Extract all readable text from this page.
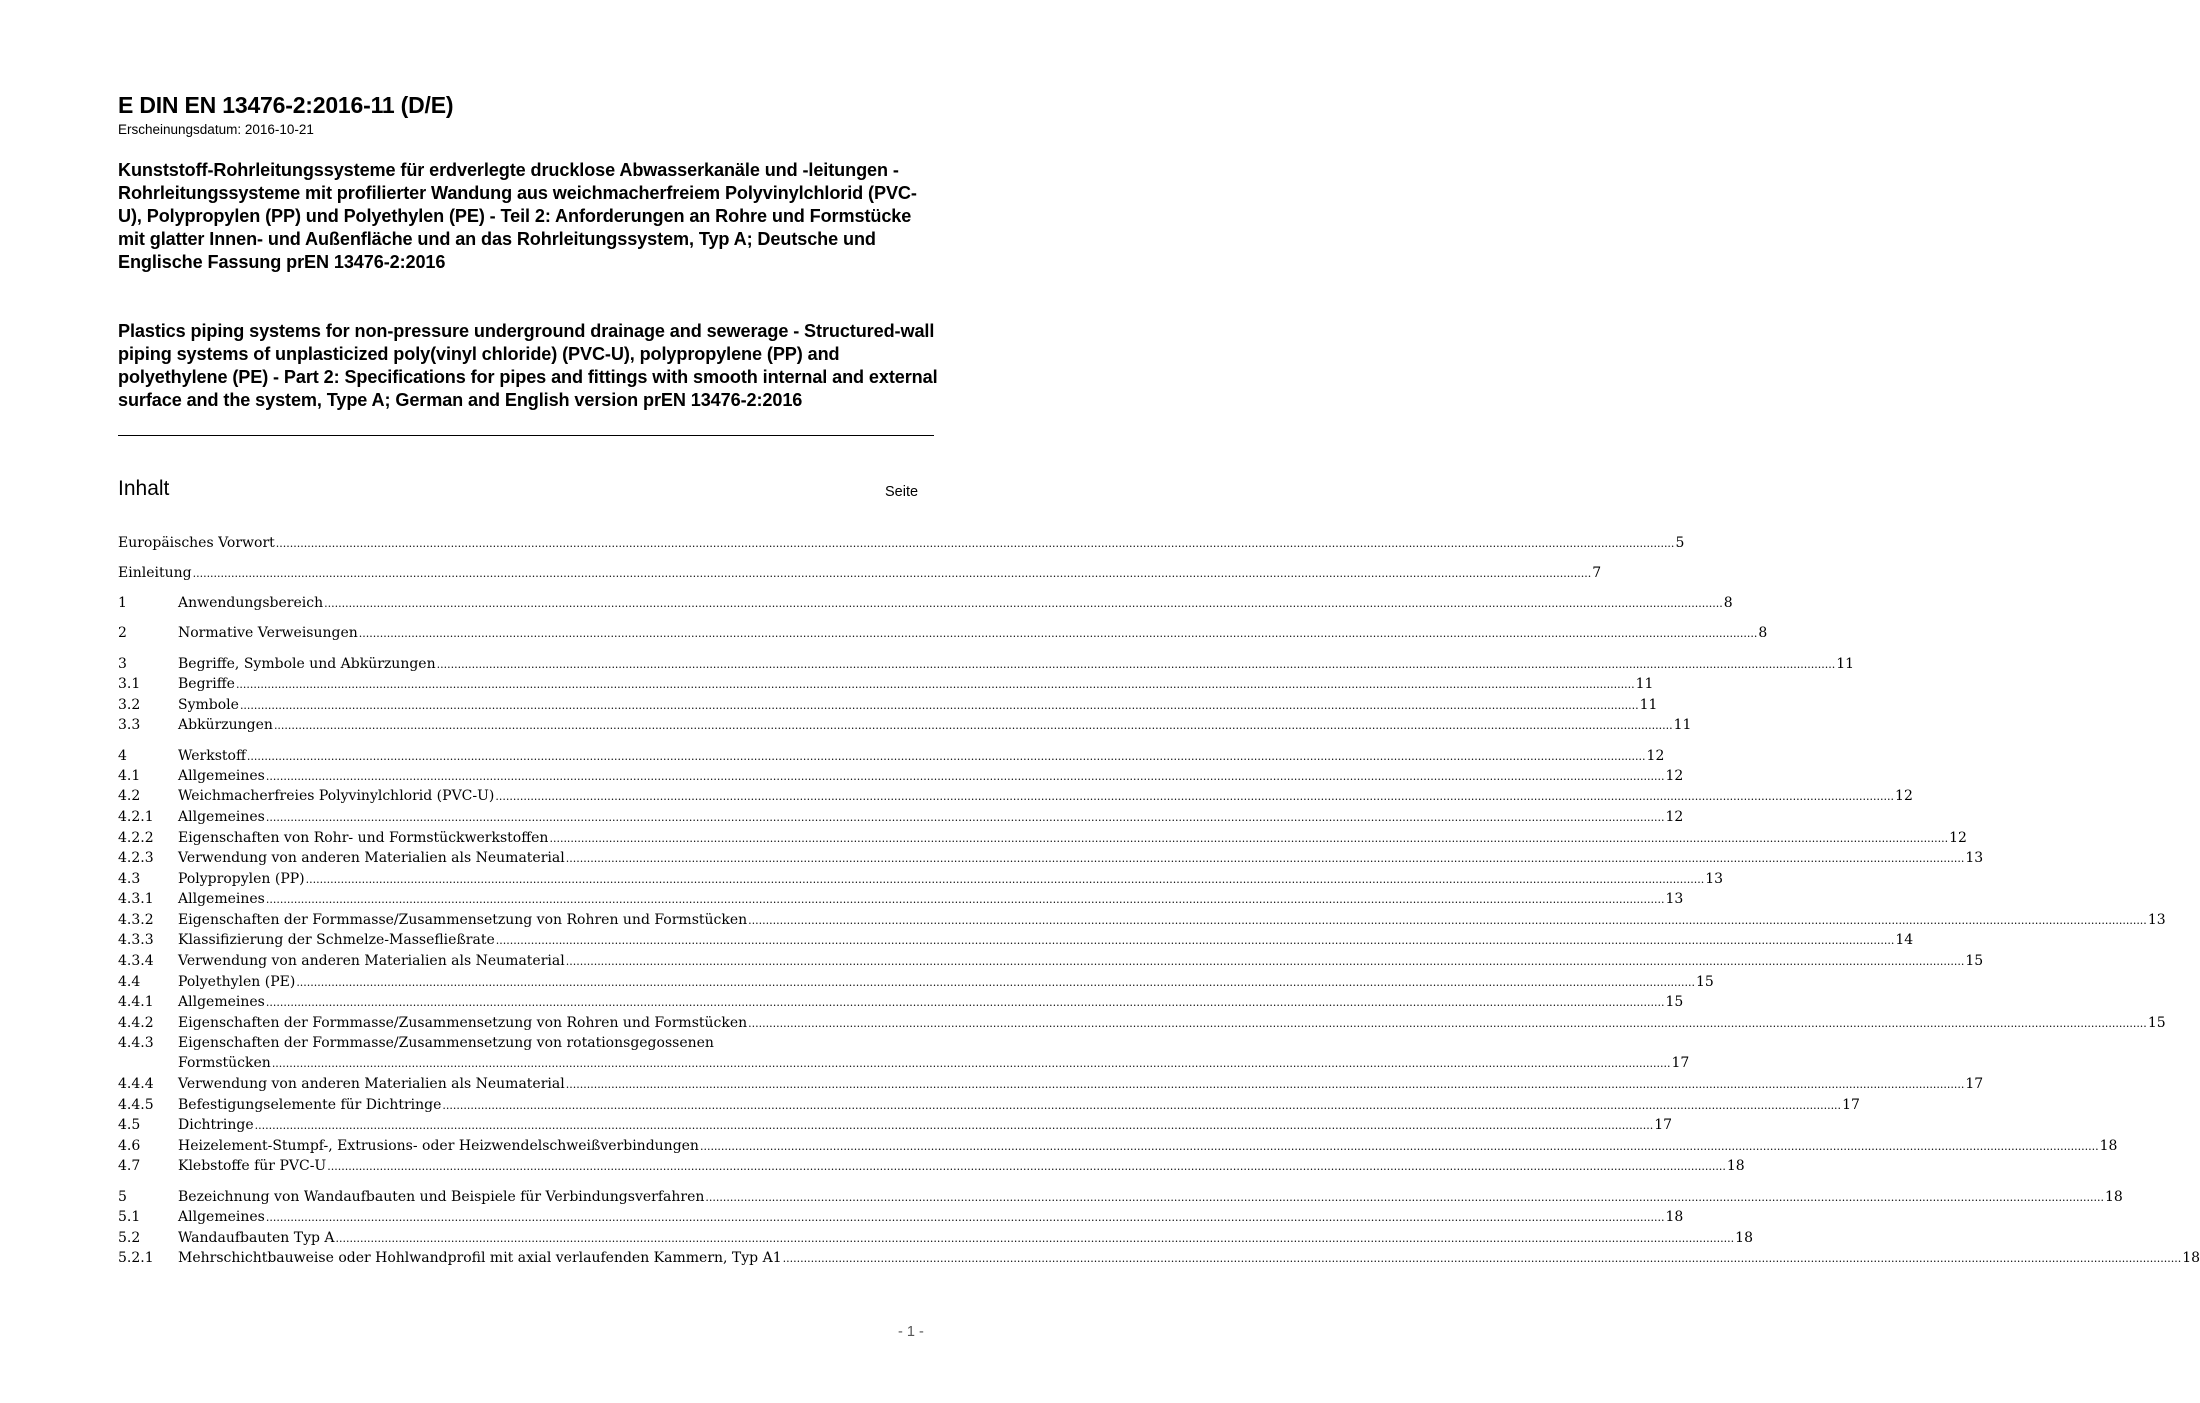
E DIN EN 13476-2:2016-11 (D/E)
Erscheinungsdatum: 2016-10-21

Kunststoff-Rohrleitungssysteme für erdverlegte drucklose Abwasserkanäle und -leitungen - Rohrleitungssysteme mit profilierter Wandung aus weichmacherfreiem Polyvinylchlorid (PVC-U), Polypropylen (PP) und Polyethylen (PE) - Teil 2: Anforderungen an Rohre und Formstücke mit glatter Innen- und Außenfläche und an das Rohrleitungssystem, Typ A; Deutsche und Englische Fassung prEN 13476-2:2016

Plastics piping systems for non-pressure underground drainage and sewerage - Structured-wall piping systems of unplasticized poly(vinyl chloride) (PVC-U), polypropylene (PP) and polyethylene (PE) - Part 2: Specifications for pipes and fittings with smooth internal and external surface and the system, Type A; German and English version prEN 13476-2:2016

Inhalt	Seite
Europäisches Vorwort ................................................................................................................................................................................................................................................................................................................................................................................................................ 5
Einleitung ................................................................................................................................................................................................................................................................................................................................................................................................................ 7
1	Anwendungsbereich ................................................................................................................................................................................................................................................................................................................................................................................................................ 8
2	Normative Verweisungen ................................................................................................................................................................................................................................................................................................................................................................................................................ 8
3	Begriffe, Symbole und Abkürzungen ................................................................................................................................................................................................................................................................................................................................................................................................................ 11
3.1	Begriffe ................................................................................................................................................................................................................................................................................................................................................................................................................ 11
3.2	Symbole ................................................................................................................................................................................................................................................................................................................................................................................................................ 11
3.3	Abkürzungen ................................................................................................................................................................................................................................................................................................................................................................................................................ 11
4	Werkstoff ................................................................................................................................................................................................................................................................................................................................................................................................................ 12
4.1	Allgemeines ................................................................................................................................................................................................................................................................................................................................................................................................................ 12
4.2	Weichmacherfreies Polyvinylchlorid (PVC-U) ................................................................................................................................................................................................................................................................................................................................................................................................................ 12
4.2.1 Allgemeines ................................................................................................................................................................................................................................................................................................................................................................................................................ 12
4.2.2 Eigenschaften von Rohr- und Formstückwerkstoffen ................................................................................................................................................................................................................................................................................................................................................................................................................ 12
4.2.3 Verwendung von anderen Materialien als Neumaterial ................................................................................................................................................................................................................................................................................................................................................................................................................ 13
4.3	Polypropylen (PP) ................................................................................................................................................................................................................................................................................................................................................................................................................ 13
4.3.1 Allgemeines ................................................................................................................................................................................................................................................................................................................................................................................................................ 13
4.3.2 Eigenschaften der Formmasse/Zusammensetzung von Rohren und Formstücken ................................................................................................................................................................................................................................................................................................................................................................................................................ 13
4.3.3 Klassifizierung der Schmelze-Massefließrate ................................................................................................................................................................................................................................................................................................................................................................................................................ 14
4.3.4 Verwendung von anderen Materialien als Neumaterial ................................................................................................................................................................................................................................................................................................................................................................................................................ 15
4.4	Polyethylen (PE) ................................................................................................................................................................................................................................................................................................................................................................................................................ 15
4.4.1 Allgemeines ................................................................................................................................................................................................................................................................................................................................................................................................................ 15
4.4.2 Eigenschaften der Formmasse/Zusammensetzung von Rohren und Formstücken ................................................................................................................................................................................................................................................................................................................................................................................................................ 15
4.4.3 Eigenschaften der Formmasse/Zusammensetzung von rotationsgegossenen
Formstücken ................................................................................................................................................................................................................................................................................................................................................................................................................ 17
4.4.4 Verwendung von anderen Materialien als Neumaterial ................................................................................................................................................................................................................................................................................................................................................................................................................ 17
4.4.5 Befestigungselemente für Dichtringe ................................................................................................................................................................................................................................................................................................................................................................................................................ 17
4.5	Dichtringe ................................................................................................................................................................................................................................................................................................................................................................................................................ 17
4.6	Heizelement-Stumpf-, Extrusions- oder Heizwendelschweißverbindungen ................................................................................................................................................................................................................................................................................................................................................................................................................ 18
4.7	Klebstoffe für PVC-U ................................................................................................................................................................................................................................................................................................................................................................................................................ 18
5	Bezeichnung von Wandaufbauten und Beispiele für Verbindungsverfahren ................................................................................................................................................................................................................................................................................................................................................................................................................ 18
5.1	Allgemeines ................................................................................................................................................................................................................................................................................................................................................................................................................ 18
5.2	Wandaufbauten Typ A ................................................................................................................................................................................................................................................................................................................................................................................................................ 18
5.2.1 Mehrschichtbauweise oder Hohlwandprofil mit axial verlaufenden Kammern, Typ A1 ................................................................................................................................................................................................................................................................................................................................................................................................................ 18
- 1 -
